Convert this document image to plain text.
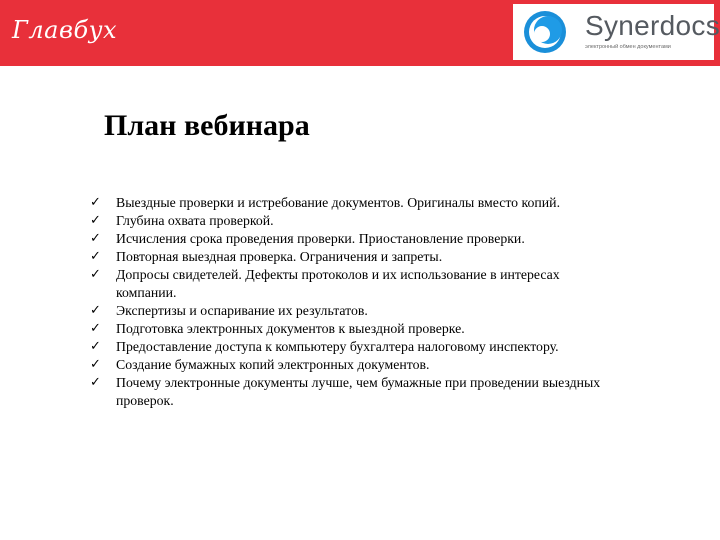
Главбух	Synerdocs
электронный обмен документами
План вебинара
✓ Выездные проверки и истребование документов. Оригиналы вместо копий.
✓ Глубина охвата проверкой.
✓ Исчисления срока проведения проверки. Приостановление проверки.
✓ Повторная выездная проверка. Ограничения и запреты.
✓ Допросы свидетелей. Дефекты протоколов и их использование в интересах компании.
✓ Экспертизы и оспаривание их результатов.
✓ Подготовка электронных документов к выездной проверке.
✓ Предоставление доступа к компьютеру бухгалтера налоговому инспектору.
✓ Создание бумажных копий электронных документов.
✓ Почему электронные документы лучше, чем бумажные при проведении выездных проверок.
